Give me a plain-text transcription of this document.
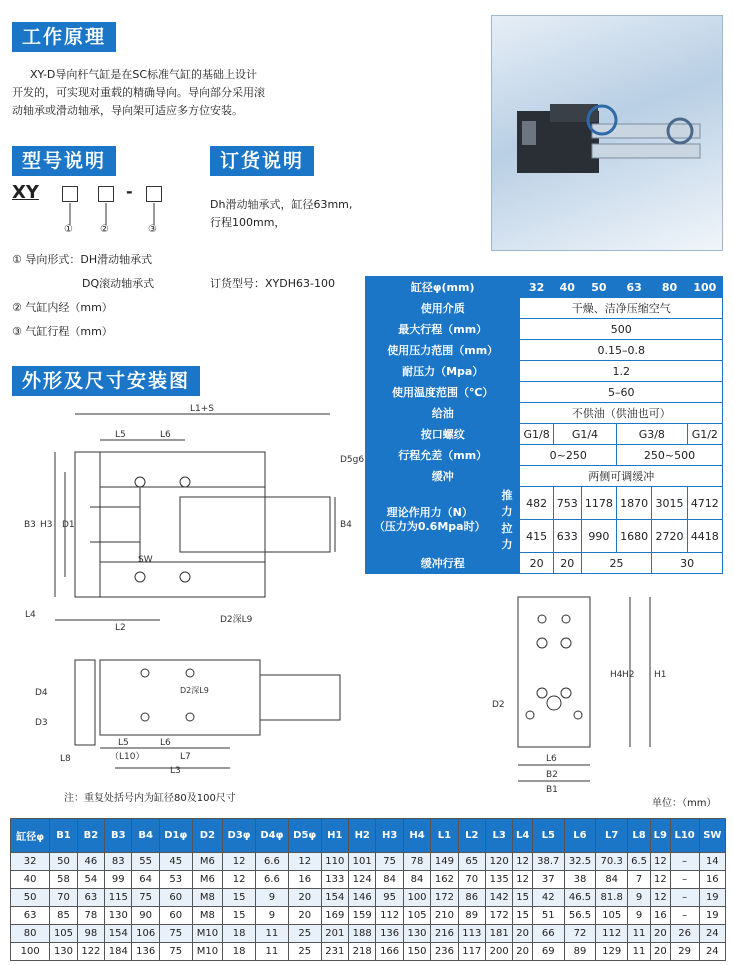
工作原理
XY-D导向杆气缸是在SC标准气缸的基础上设计
开发的，可实现对重载的精确导向。导向部分采用滚
动轴承或滑动轴承，导向架可适应多方位安装。
型号说明	订货说明
XY	-
①	②	③
① 导向形式：DH滑动轴承式
DQ滚动轴承式
② 气缸内经（mm）
③ 气缸行程（mm）
Dh滑动轴承式，缸径63mm,
行程100mm，
订货型号：XYDH63-100	缸径φ(mm)		32	40	50	63	80	100
使用介质		干燥、洁净压缩空气					
最大行程（mm）		500					
使用压力范围（mm）		0.15–0.8					
耐压力（Mpa）		1.2					
使用温度范围（℃）		5–60					
给油		不供油（供油也可）					
按口螺纹		G1/8	G1/4		G3/8		G1/2
行程允差（mm）		0~250			250~500		
缓冲		两侧可调缓冲					

理论作用力（N）
（压力为0.6Mpa时）	推力	482	753	1178	1870	3015	4712
	拉力	415	633	990	1680	2720	4418
缓冲行程		20	20	25		30	
外形及尺寸安装图
L1+S
L5	L6
D5g6
B3 H3 D1	B4
SW
D2深L9
L4
L2
D4
D3
D2深L9
L5	L6
（L10）	L7
L8
L3
D2
L6
B2
B1
H4 H2 H1
注：重复处括号内为缸径80及100尺寸	单位：（mm）
缸径φ	B1	B2	B3	B4	D1φ	D2	D3φ	D4φ	D5φ	H1	H2	H3	H4	L1	L2	L3	L4	L5	L6	L7	L8	L9	L10	SW
32	50	46	83	55	45	M6	12	6.6	12	110	101	75	78	149	65	120	12	38.7	32.5	70.3	6.5	12	–	14
40	58	54	99	64	53	M6	12	6.6	16	133	124	84	84	162	70	135	12	37	38	84	7	12	–	16
50	70	63	115	75	60	M8	15	9	20	154	146	95	100	172	86	142	15	42	46.5	81.8	9	12	–	19
63	85	78	130	90	60	M8	15	9	20	169	159	112	105	210	89	172	15	51	56.5	105	9	16	–	19
80	105	98	154	106	75	M10	18	11	25	201	188	136	130	216	113	181	20	66	72	112	11	20	26	24
100	130	122	184	136	75	M10	18	11	25	231	218	166	150	236	117	200	20	69	89	129	11	20	29	24
